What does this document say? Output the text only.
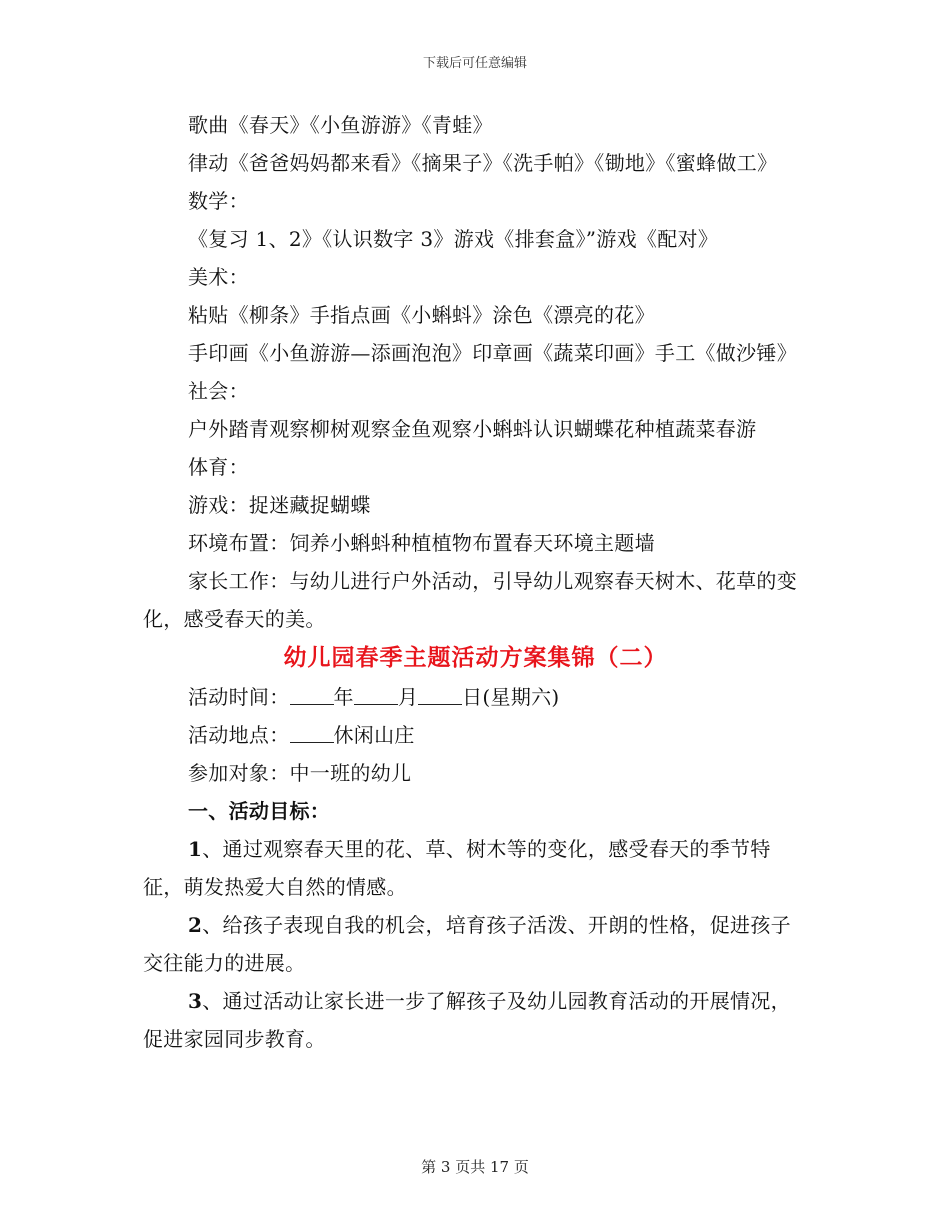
下载后可任意编辑

歌曲《春天》《小鱼游游》《青蛙》

律动《爸爸妈妈都来看》《摘果子》《洗手帕》《锄地》《蜜蜂做工》

数学：

《复习 1、2》《认识数字 3》游戏《排套盒》”游戏《配对》

美术：

粘贴《柳条》手指点画《小蝌蚪》涂色《漂亮的花》

手印画《小鱼游游—添画泡泡》印章画《蔬菜印画》手工《做沙锤》

社会：

户外踏青观察柳树观察金鱼观察小蝌蚪认识蝴蝶花种植蔬菜春游

体育：

游戏：捉迷藏捉蝴蝶

环境布置：饲养小蝌蚪种植植物布置春天环境主题墙

家长工作：与幼儿进行户外活动，引导幼儿观察春天树木、花草的变化，感受春天的美。

幼儿园春季主题活动方案集锦（二）

活动时间： 年 月 日(星期六)

活动地点： 休闲山庄

参加对象：中一班的幼儿

一、活动目标：

1、通过观察春天里的花、草、树木等的变化，感受春天的季节特征，萌发热爱大自然的情感。

2、给孩子表现自我的机会，培育孩子活泼、开朗的性格，促进孩子交往能力的进展。

3、通过活动让家长进一步了解孩子及幼儿园教育活动的开展情况，促进家园同步教育。

第 3 页共 17 页
